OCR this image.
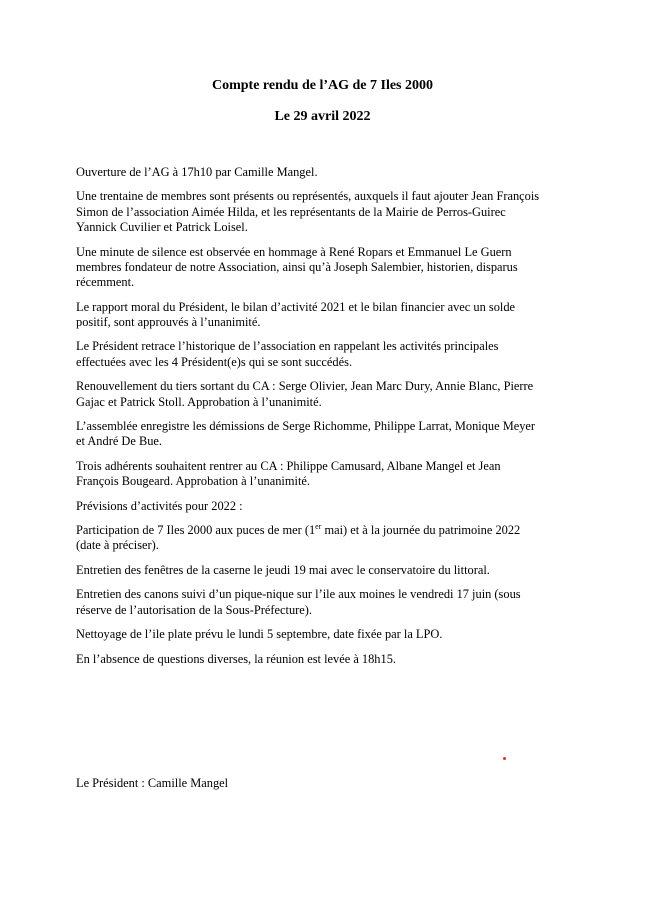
Compte rendu de l’AG de 7 Iles 2000
Le 29 avril 2022

Ouverture de l’AG à 17h10 par Camille Mangel.

Une trentaine de membres sont présents ou représentés, auxquels il faut ajouter Jean François
Simon de l’association Aimée Hilda, et les représentants de la Mairie de Perros-Guirec
Yannick Cuvilier et Patrick Loisel.

Une minute de silence est observée en hommage à René Ropars et Emmanuel Le Guern
membres fondateur de notre Association, ainsi qu’à Joseph Salembier, historien, disparus
récemment.

Le rapport moral du Président, le bilan d’activité 2021 et le bilan financier avec un solde
positif, sont approuvés à l’unanimité.

Le Président retrace l’historique de l’association en rappelant les activités principales
effectuées avec les 4 Président(e)s qui se sont succédés.

Renouvellement du tiers sortant du CA : Serge Olivier, Jean Marc Dury, Annie Blanc, Pierre
Gajac et Patrick Stoll. Approbation à l’unanimité.

L’assemblée enregistre les démissions de Serge Richomme, Philippe Larrat, Monique Meyer
et André De Bue.

Trois adhérents souhaitent rentrer au CA : Philippe Camusard, Albane Mangel et Jean
François Bougeard. Approbation à l’unanimité.

Prévisions d’activités pour 2022 :

Participation de 7 Iles 2000 aux puces de mer (1er mai) et à la journée du patrimoine 2022
(date à préciser).

Entretien des fenêtres de la caserne le jeudi 19 mai avec le conservatoire du littoral.

Entretien des canons suivi d’un pique-nique sur l’ile aux moines le vendredi 17 juin (sous
réserve de l’autorisation de la Sous-Préfecture).

Nettoyage de l’ile plate prévu le lundi 5 septembre, date fixée par la LPO.

En l’absence de questions diverses, la réunion est levée à 18h15.

Le Président : Camille Mangel
